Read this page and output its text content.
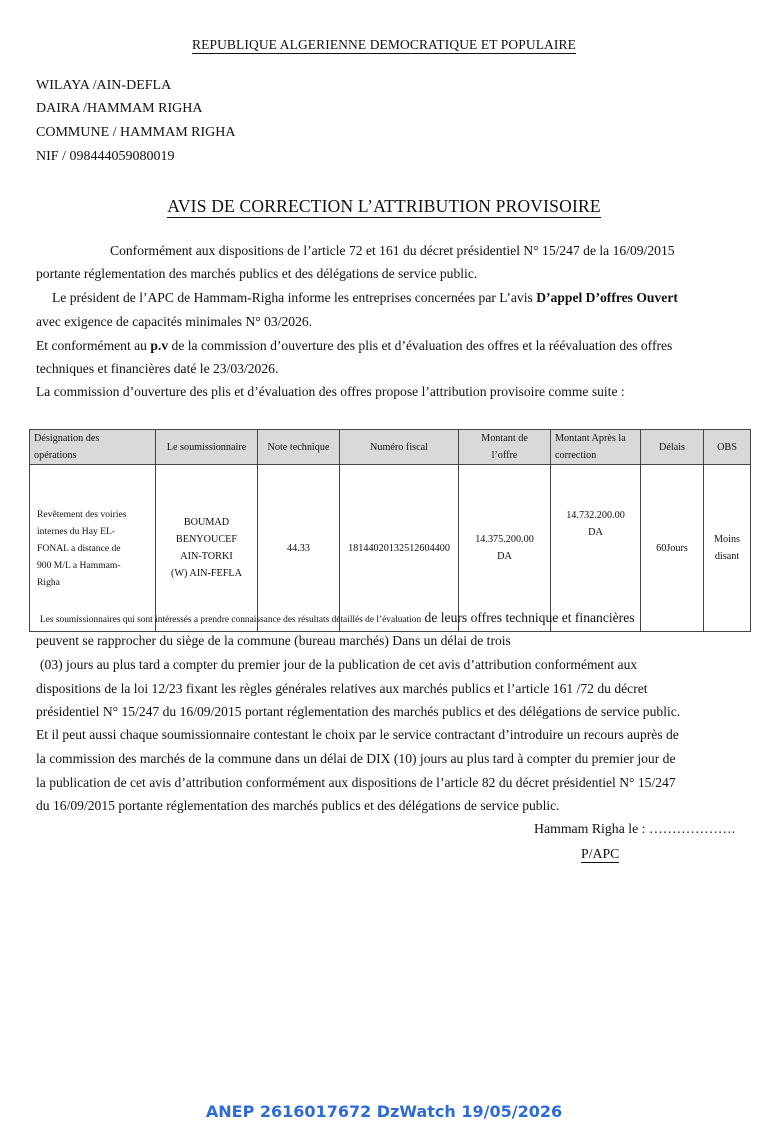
REPUBLIQUE ALGERIENNE DEMOCRATIQUE ET POPULAIRE
WILAYA /AIN-DEFLA
DAIRA /HAMMAM RIGHA
COMMUNE / HAMMAM RIGHA
NIF / 098444059080019
AVIS DE CORRECTION L’ATTRIBUTION PROVISOIRE
Conformément aux dispositions de l’article 72 et 161 du décret présidentiel N° 15/247 de la 16/09/2015
portante réglementation des marchés publics et des délégations de service public.
Le président de l’APC de Hammam-Righa informe les entreprises concernées par L’avis D’appel D’offres Ouvert
avec exigence de capacités minimales N° 03/2026.
Et conformément au p.v de la commission d’ouverture des plis et d’évaluation des offres et la réévaluation des offres
techniques et financières daté le 23/03/2026.
La commission d’ouverture des plis et d’évaluation des offres propose l’attribution provisoire comme suite :
Désignation des
opérations	Le soumissionnaire	Note technique	Numéro fiscal	Montant de
l’offre	Montant Après la
correction	Délais	OBS
Revêtement des voiries
internes du Hay EL-
FONAL a distance de
900 M/L a Hammam-
Righa	BOUMAD
BENYOUCEF
AIN-TORKI
(W) AIN-FEFLA	44.33	18144020132512604400	14.375.200.00
DA	14.732.200.00
DA	60Jours	Moins
disant
Les soumissionnaires qui sont intéressés a prendre connaissance des résultats détaillés de l’évaluation de leurs offres technique et financières
peuvent se rapprocher du siège de la commune (bureau marchés) Dans un délai de trois
(03) jours au plus tard a compter du premier jour de la publication de cet avis d’attribution conformément aux
dispositions de la loi 12/23 fixant les règles générales relatives aux marchés publics et l’article 161 /72 du décret
présidentiel N° 15/247 du 16/09/2015 portant réglementation des marchés publics et des délégations de service public.
Et il peut aussi chaque soumissionnaire contestant le choix par le service contractant d’introduire un recours auprès de
la commission des marchés de la commune dans un délai de DIX (10) jours au plus tard à compter du premier jour de
la publication de cet avis d’attribution conformément aux dispositions de l’article 82 du décret présidentiel N° 15/247
du 16/09/2015 portante réglementation des marchés publics et des délégations de service public.
Hammam Righa le : ……………….
P/APC
ANEP 2616017672 DzWatch 19/05/2026
